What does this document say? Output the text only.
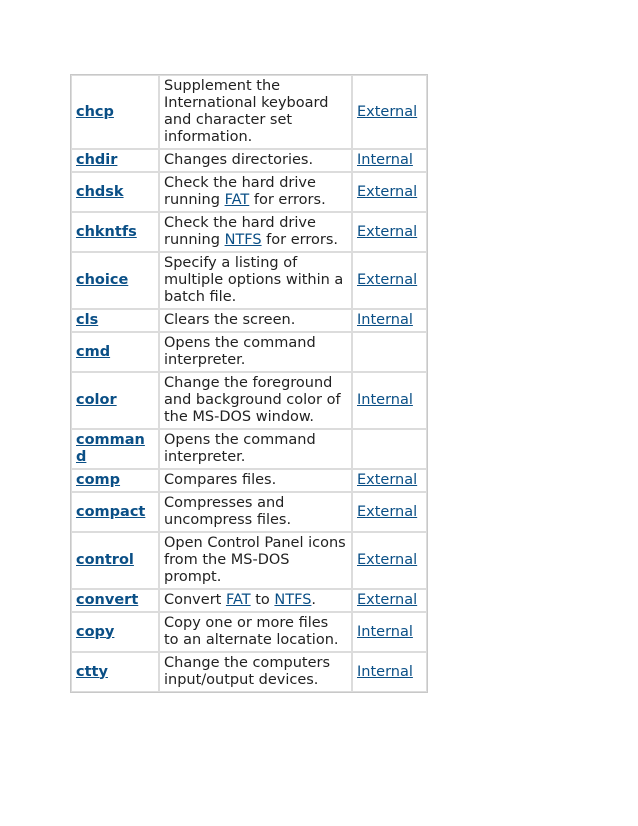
chcp	Supplement the International keyboard and character set information.	External
chdir	Changes directories.	Internal
chdsk	Check the hard drive running FAT for errors.	External
chkntfs	Check the hard drive running NTFS for errors.	External
choice	Specify a listing of multiple options within a batch file.	External
cls	Clears the screen.	Internal
cmd	Opens the command interpreter.	
color	Change the foreground and background color of the MS-DOS window.	Internal
command	Opens the command interpreter.	
comp	Compares files.	External
compact	Compresses and uncompress files.	External
control	Open Control Panel icons from the MS-DOS prompt.	External
convert	Convert FAT to NTFS.	External
copy	Copy one or more files to an alternate location.	Internal
ctty	Change the computers input/output devices.	Internal
